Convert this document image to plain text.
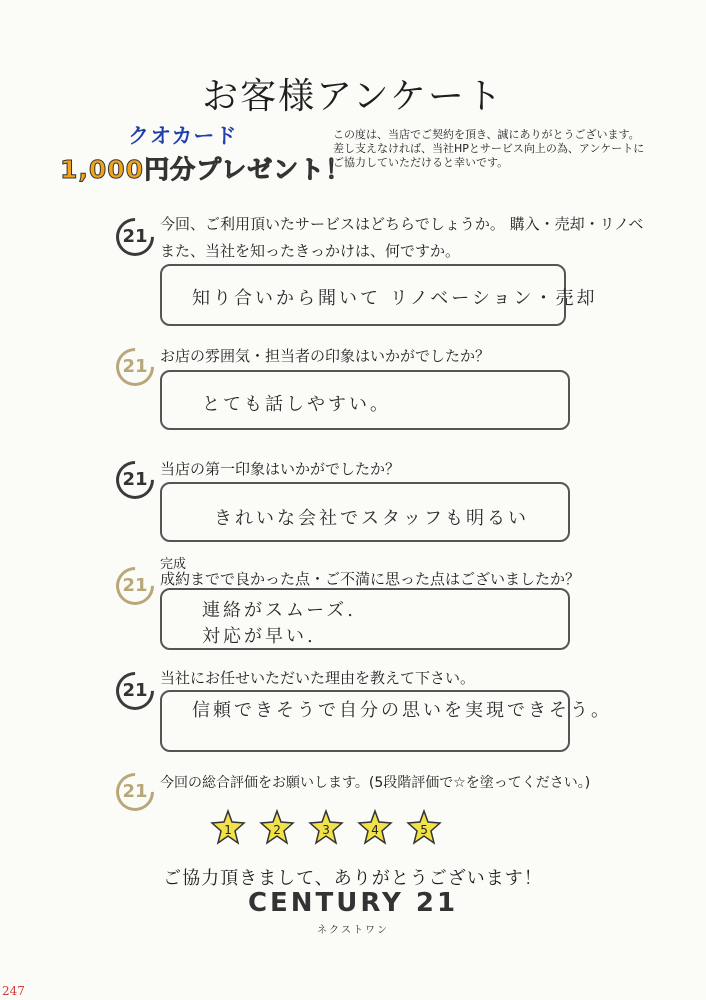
お客様アンケート
クオカード
1,000円分プレゼント！
この度は、当店でご契約を頂き、誠にありがとうございます。
差し支えなければ、当社HPとサービス向上の為、アンケートに
ご協力していただけると幸いです。
21
今回、ご利用頂いたサービスはどちらでしょうか。 購入・売却・リノベ
また、当社を知ったきっかけは、何ですか。
知り合いから聞いて リノベーション・売却
21 お店の雰囲気・担当者の印象はいかがでしたか？
とても話しやすい。
21 当店の第一印象はいかがでしたか？
きれいな会社でスタッフも明るい
21
完成
成約までで良かった点・ご不満に思った点はございましたか？
連絡がスムーズ.
対応が早い.
21
当社にお任せいただいた理由を教えて下さい。
信頼できそうで自分の思いを実現できそう。
21 今回の総合評価をお願いします。(5段階評価で☆を塗ってください。)
1	2	3	4	5
ご協力頂きまして、ありがとうございます！
CENTURY 21
ネクストワン
247
